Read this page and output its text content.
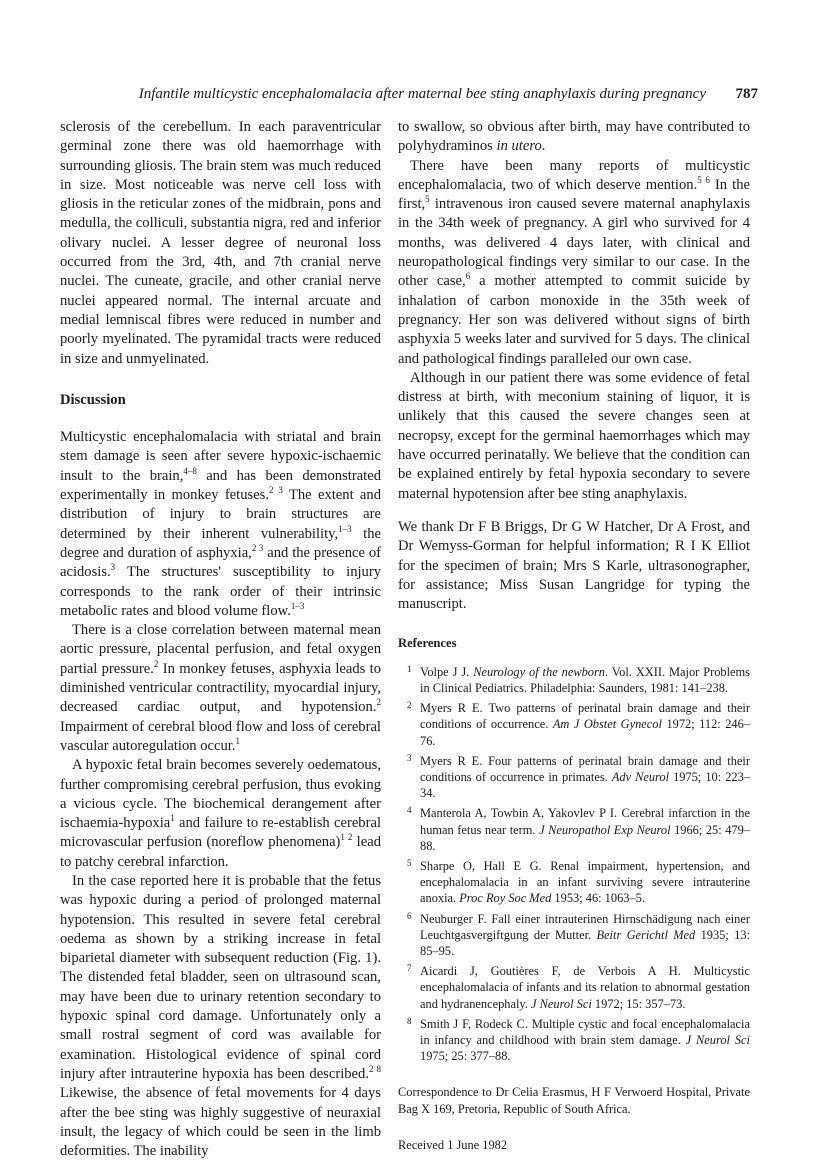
Infantile multicystic encephalomalacia after maternal bee sting anaphylaxis during pregnancy 787

sclerosis of the cerebellum. In each paraventricular germinal zone there was old haemorrhage with surrounding gliosis. The brain stem was much reduced in size. Most noticeable was nerve cell loss with gliosis in the reticular zones of the midbrain, pons and medulla, the colliculi, substantia nigra, red and inferior olivary nuclei. A lesser degree of neuronal loss occurred from the 3rd, 4th, and 7th cranial nerve nuclei. The cuneate, gracile, and other cranial nerve nuclei appeared normal. The internal arcuate and medial lemniscal fibres were reduced in number and poorly myelinated. The pyramidal tracts were reduced in size and unmyelinated.

Discussion

Multicystic encephalomalacia with striatal and brain stem damage is seen after severe hypoxic-ischaemic insult to the brain,$^{4-8}$ and has been demonstrated experimentally in monkey fetuses.$^{2 3}$ The extent and distribution of injury to brain structures are determined by their inherent vulnerability,$^{1-3}$ the degree and duration of asphyxia,$^{2 3}$ and the presence of acidosis.$^3$ The structures' susceptibility to injury corresponds to the rank order of their intrinsic metabolic rates and blood volume flow.$^{1-3}$

There is a close correlation between maternal mean aortic pressure, placental perfusion, and fetal oxygen partial pressure.$^2$ In monkey fetuses, asphyxia leads to diminished ventricular contractility, myocardial injury, decreased cardiac output, and hypotension.$^2$ Impairment of cerebral blood flow and loss of cerebral vascular autoregulation occur.$^1$

A hypoxic fetal brain becomes severely oedematous, further compromising cerebral perfusion, thus evoking a vicious cycle. The biochemical derangement after ischaemia-hypoxia$^1$ and failure to re-establish cerebral microvascular perfusion (noreflow phenomena)$^{1 2}$ lead to patchy cerebral infarction.

In the case reported here it is probable that the fetus was hypoxic during a period of prolonged maternal hypotension. This resulted in severe fetal cerebral oedema as shown by a striking increase in fetal biparietal diameter with subsequent reduction (Fig. 1). The distended fetal bladder, seen on ultrasound scan, may have been due to urinary retention secondary to hypoxic spinal cord damage. Unfortunately only a small rostral segment of cord was available for examination. Histological evidence of spinal cord injury after intrauterine hypoxia has been described.$^{2 8}$ Likewise, the absence of fetal movements for 4 days after the bee sting was highly suggestive of neuraxial insult, the legacy of which could be seen in the limb deformities. The inability

to swallow, so obvious after birth, may have contributed to polyhydraminos in utero.

There have been many reports of multicystic encephalomalacia, two of which deserve mention.$^{5 6}$ In the first,$^5$ intravenous iron caused severe maternal anaphylaxis in the 34th week of pregnancy. A girl who survived for 4 months, was delivered 4 days later, with clinical and neuropathological findings very similar to our case. In the other case,$^6$ a mother attempted to commit suicide by inhalation of carbon monoxide in the 35th week of pregnancy. Her son was delivered without signs of birth asphyxia 5 weeks later and survived for 5 days. The clinical and pathological findings paralleled our own case.

Although in our patient there was some evidence of fetal distress at birth, with meconium staining of liquor, it is unlikely that this caused the severe changes seen at necropsy, except for the germinal haemorrhages which may have occurred perinatally. We believe that the condition can be explained entirely by fetal hypoxia secondary to severe maternal hypotension after bee sting anaphylaxis.

We thank Dr F B Briggs, Dr G W Hatcher, Dr A Frost, and Dr Wemyss-Gorman for helpful information; R I K Elliot for the specimen of brain; Mrs S Karle, ultrasonographer, for assistance; Miss Susan Langridge for typing the manuscript.

References
1 Volpe J J. Neurology of the newborn. Vol. XXII. Major Problems in Clinical Pediatrics. Philadelphia: Saunders, 1981: 141–238.
2 Myers R E. Two patterns of perinatal brain damage and their conditions of occurrence. Am J Obstet Gynecol 1972; 112: 246–76.
3 Myers R E. Four patterns of perinatal brain damage and their conditions of occurrence in primates. Adv Neurol 1975; 10: 223–34.
4 Manterola A, Towbin A, Yakovlev P I. Cerebral infarction in the human fetus near term. J Neuropathol Exp Neurol 1966; 25: 479–88.
5 Sharpe O, Hall E G. Renal impairment, hypertension, and encephalomalacia in an infant surviving severe intrauterine anoxia. Proc Roy Soc Med 1953; 46: 1063–5.
6 Neuburger F. Fall einer intrauterinen Hirnschädigung nach einer Leuchtgasvergiftgung der Mutter. Beitr Gerichtl Med 1935; 13: 85–95.
7 Aicardi J, Goutières F, de Verbois A H. Multicystic encephalomalacia of infants and its relation to abnormal gestation and hydranencephaly. J Neurol Sci 1972; 15: 357–73.
8 Smith J F, Rodeck C. Multiple cystic and focal encephalomalacia in infancy and childhood with brain stem damage. J Neurol Sci 1975; 25: 377–88.
Correspondence to Dr Celia Erasmus, H F Verwoerd Hospital, Private Bag X 169, Pretoria, Republic of South Africa.
Received 1 June 1982
